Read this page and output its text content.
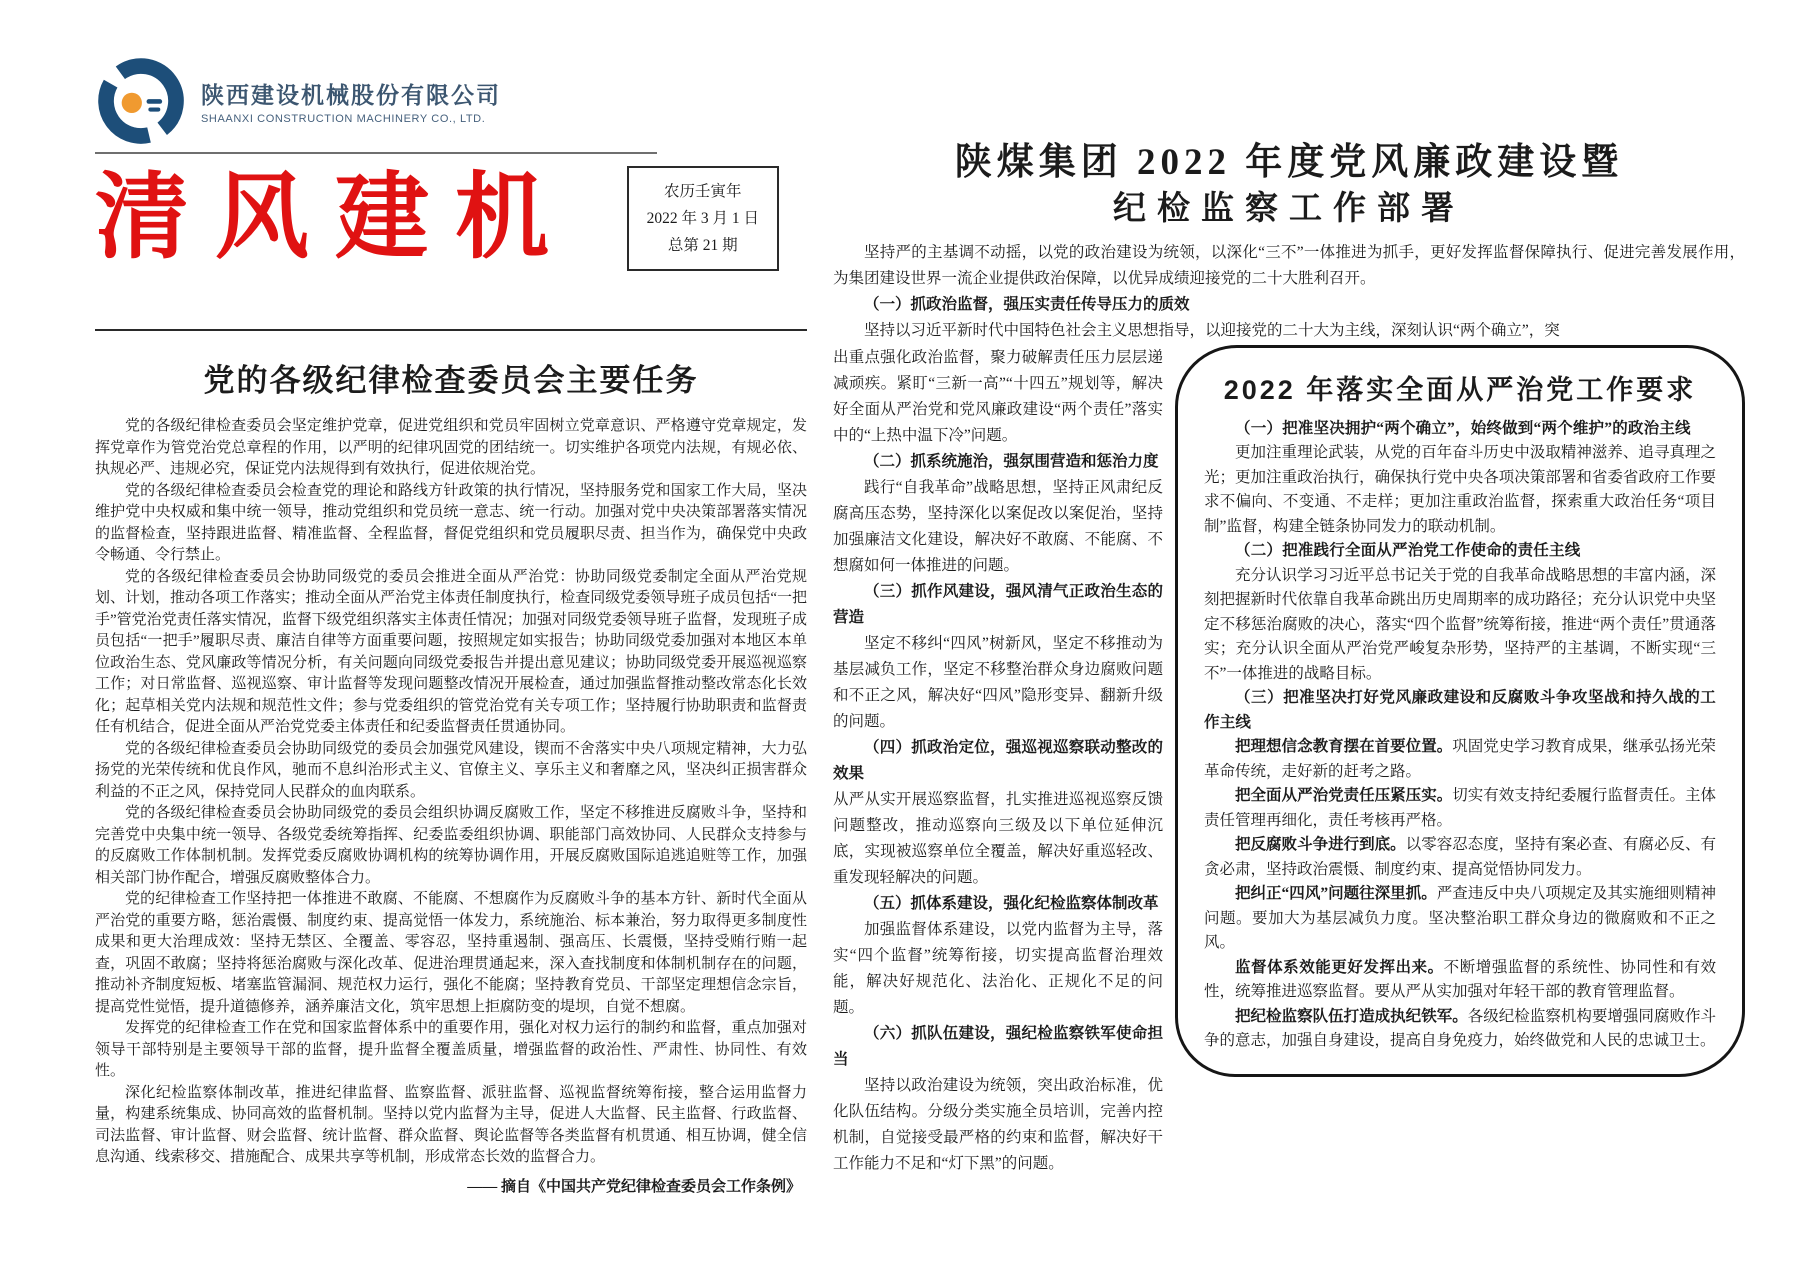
陕西建设机械股份有限公司
SHAANXI CONSTRUCTION MACHINERY CO., LTD.
清风建机	农历壬寅年
2022 年 3 月 1 日
总第 21 期
党的各级纪律检查委员会主要任务

党的各级纪律检查委员会坚定维护党章，促进党组织和党员牢固树立党章意识、严格遵守党章规定，发挥党章作为管党治党总章程的作用，以严明的纪律巩固党的团结统一。切实维护各项党内法规，有规必依、执规必严、违规必究，保证党内法规得到有效执行，促进依规治党。

党的各级纪律检查委员会检查党的理论和路线方针政策的执行情况，坚持服务党和国家工作大局，坚决维护党中央权威和集中统一领导，推动党组织和党员统一意志、统一行动。加强对党中央决策部署落实情况的监督检查，坚持跟进监督、精准监督、全程监督，督促党组织和党员履职尽责、担当作为，确保党中央政令畅通、令行禁止。

党的各级纪律检查委员会协助同级党的委员会推进全面从严治党：协助同级党委制定全面从严治党规划、计划，推动各项工作落实；推动全面从严治党主体责任制度执行，检查同级党委领导班子成员包括“一把手”管党治党责任落实情况，监督下级党组织落实主体责任情况；加强对同级党委领导班子监督，发现班子成员包括“一把手”履职尽责、廉洁自律等方面重要问题，按照规定如实报告；协助同级党委加强对本地区本单位政治生态、党风廉政等情况分析，有关问题向同级党委报告并提出意见建议；协助同级党委开展巡视巡察工作；对日常监督、巡视巡察、审计监督等发现问题整改情况开展检查，通过加强监督推动整改常态化长效化；起草相关党内法规和规范性文件；参与党委组织的管党治党有关专项工作；坚持履行协助职责和监督责任有机结合，促进全面从严治党党委主体责任和纪委监督责任贯通协同。

党的各级纪律检查委员会协助同级党的委员会加强党风建设，锲而不舍落实中央八项规定精神，大力弘扬党的光荣传统和优良作风，驰而不息纠治形式主义、官僚主义、享乐主义和奢靡之风，坚决纠正损害群众利益的不正之风，保持党同人民群众的血肉联系。

党的各级纪律检查委员会协助同级党的委员会组织协调反腐败工作，坚定不移推进反腐败斗争，坚持和完善党中央集中统一领导、各级党委统筹指挥、纪委监委组织协调、职能部门高效协同、人民群众支持参与的反腐败工作体制机制。发挥党委反腐败协调机构的统筹协调作用，开展反腐败国际追逃追赃等工作，加强相关部门协作配合，增强反腐败整体合力。

党的纪律检查工作坚持把一体推进不敢腐、不能腐、不想腐作为反腐败斗争的基本方针、新时代全面从严治党的重要方略，惩治震慑、制度约束、提高觉悟一体发力，系统施治、标本兼治，努力取得更多制度性成果和更大治理成效：坚持无禁区、全覆盖、零容忍，坚持重遏制、强高压、长震慑，坚持受贿行贿一起查，巩固不敢腐；坚持将惩治腐败与深化改革、促进治理贯通起来，深入查找制度和体制机制存在的问题，推动补齐制度短板、堵塞监管漏洞、规范权力运行，强化不能腐；坚持教育党员、干部坚定理想信念宗旨，提高党性觉悟，提升道德修养，涵养廉洁文化，筑牢思想上拒腐防变的堤坝，自觉不想腐。

发挥党的纪律检查工作在党和国家监督体系中的重要作用，强化对权力运行的制约和监督，重点加强对领导干部特别是主要领导干部的监督，提升监督全覆盖质量，增强监督的政治性、严肃性、协同性、有效性。

深化纪检监察体制改革，推进纪律监督、监察监督、派驻监督、巡视监督统筹衔接，整合运用监督力量，构建系统集成、协同高效的监督机制。坚持以党内监督为主导，促进人大监督、民主监督、行政监督、司法监督、审计监督、财会监督、统计监督、群众监督、舆论监督等各类监督有机贯通、相互协调，健全信息沟通、线索移交、措施配合、成果共享等机制，形成常态长效的监督合力。

—— 摘自《中国共产党纪律检查委员会工作条例》
陕煤集团 2022 年度党风廉政建设暨
纪检监察工作部署

坚持严的主基调不动摇，以党的政治建设为统领，以深化“三不”一体推进为抓手，更好发挥监督保障执行、促进完善发展作用，为集团建设世界一流企业提供政治保障，以优异成绩迎接党的二十大胜利召开。

（一）抓政治监督，强压实责任传导压力的质效

坚持以习近平新时代中国特色社会主义思想指导，以迎接党的二十大为主线，深刻认识“两个确立”，突

出重点强化政治监督，聚力破解责任压力层层递减顽疾。紧盯“三新一高”“十四五”规划等，解决好全面从严治党和党风廉政建设“两个责任”落实中的“上热中温下冷”问题。

（二）抓系统施治，强氛围营造和惩治力度

践行“自我革命”战略思想，坚持正风肃纪反腐高压态势，坚持深化以案促改以案促治，坚持加强廉洁文化建设，解决好不敢腐、不能腐、不想腐如何一体推进的问题。

（三）抓作风建设，强风清气正政治生态的营造

坚定不移纠“四风”树新风，坚定不移推动为基层减负工作，坚定不移整治群众身边腐败问题和不正之风，解决好“四风”隐形变异、翻新升级的问题。

（四）抓政治定位，强巡视巡察联动整改的效果

从严从实开展巡察监督，扎实推进巡视巡察反馈问题整改，推动巡察向三级及以下单位延伸沉底，实现被巡察单位全覆盖，解决好重巡轻改、重发现轻解决的问题。

（五）抓体系建设，强化纪检监察体制改革

加强监督体系建设，以党内监督为主导，落实“四个监督”统筹衔接，切实提高监督治理效能，解决好规范化、法治化、正规化不足的问题。

（六）抓队伍建设，强纪检监察铁军使命担当

坚持以政治建设为统领，突出政治标准，优化队伍结构。分级分类实施全员培训，完善内控机制，自觉接受最严格的约束和监督，解决好干工作能力不足和“灯下黑”的问题。

2022 年落实全面从严治党工作要求

（一）把准坚决拥护“两个确立”，始终做到“两个维护”的政治主线

更加注重理论武装，从党的百年奋斗历史中汲取精神滋养、追寻真理之光；更加注重政治执行，确保执行党中央各项决策部署和省委省政府工作要求不偏向、不变通、不走样；更加注重政治监督，探索重大政治任务“项目制”监督，构建全链条协同发力的联动机制。

（二）把准践行全面从严治党工作使命的责任主线

充分认识学习习近平总书记关于党的自我革命战略思想的丰富内涵，深刻把握新时代依靠自我革命跳出历史周期率的成功路径；充分认识党中央坚定不移惩治腐败的决心，落实“四个监督”统筹衔接，推进“两个责任”贯通落实；充分认识全面从严治党严峻复杂形势，坚持严的主基调，不断实现“三不”一体推进的战略目标。

（三）把准坚决打好党风廉政建设和反腐败斗争攻坚战和持久战的工作主线

把理想信念教育摆在首要位置。巩固党史学习教育成果，继承弘扬光荣革命传统，走好新的赶考之路。

把全面从严治党责任压紧压实。切实有效支持纪委履行监督责任。主体责任管理再细化，责任考核再严格。

把反腐败斗争进行到底。以零容忍态度，坚持有案必查、有腐必反、有贪必肃，坚持政治震慑、制度约束、提高觉悟协同发力。

把纠正“四风”问题往深里抓。严查违反中央八项规定及其实施细则精神问题。要加大为基层减负力度。坚决整治职工群众身边的微腐败和不正之风。

监督体系效能更好发挥出来。不断增强监督的系统性、协同性和有效性，统筹推进巡察监督。要从严从实加强对年轻干部的教育管理监督。

把纪检监察队伍打造成执纪铁军。各级纪检监察机构要增强同腐败作斗争的意志，加强自身建设，提高自身免疫力，始终做党和人民的忠诚卫士。
